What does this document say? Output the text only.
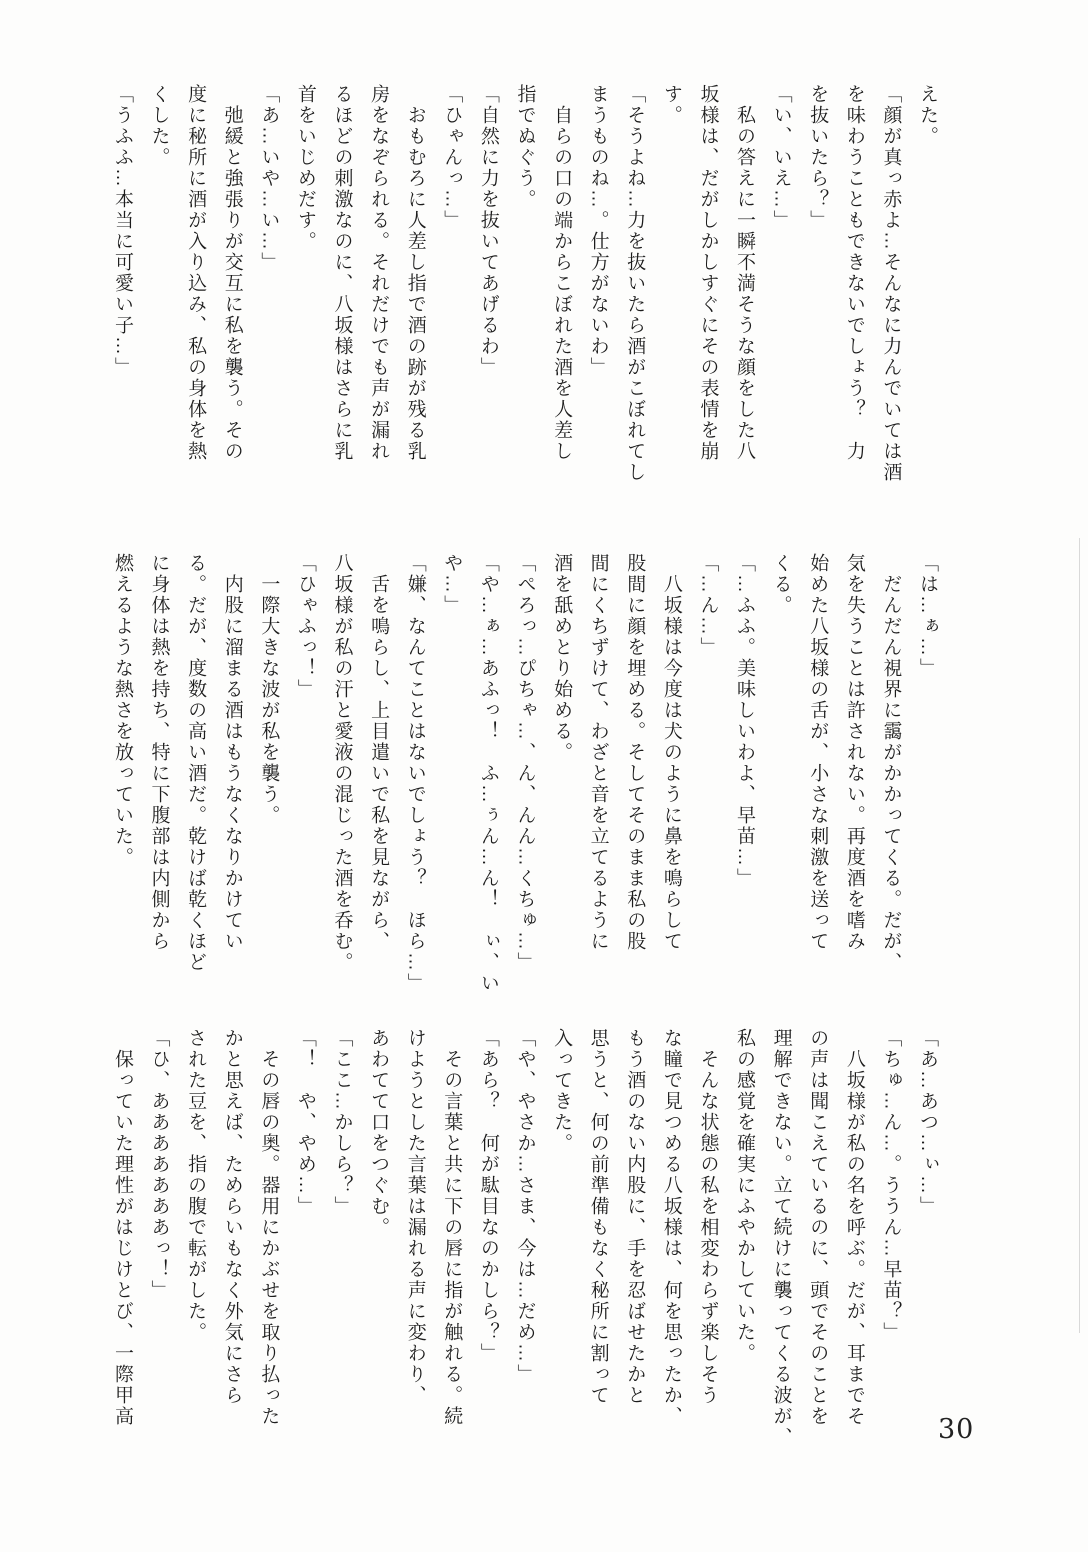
えた。

「顔が真っ赤よ…そんなに力んでいては酒

を味わうこともできないでしょう？　力

を抜いたら？」

「い、いえ…」

私の答えに一瞬不満そうな顔をした八

坂様は、だがしかしすぐにその表情を崩

す。

「そうよね…力を抜いたら酒がこぼれてし

まうものね…。仕方がないわ」

自らの口の端からこぼれた酒を人差し

指でぬぐう。

「自然に力を抜いてあげるわ」

「ひゃんっ…」

おもむろに人差し指で酒の跡が残る乳

房をなぞられる。それだけでも声が漏れ

るほどの刺激なのに、八坂様はさらに乳

首をいじめだす。

「あ…いや…い…」

弛緩と強張りが交互に私を襲う。その

度に秘所に酒が入り込み、私の身体を熱

くした。

「うふふ…本当に可愛い子…」

「は…ぁ…」

だんだん視界に靄がかかってくる。だが、

気を失うことは許されない。再度酒を嗜み

始めた八坂様の舌が、小さな刺激を送って

くる。

「…ふふ。美味しいわよ、早苗…」

「…ん…」

八坂様は今度は犬のように鼻を鳴らして

股間に顔を埋める。そしてそのまま私の股

間にくちずけて、わざと音を立てるように

酒を舐めとり始める。

「ぺろっ…ぴちゃ…、ん、んん…くちゅ…」

「や…ぁ…あふっ！　ふ…ぅん…ん！　ぃ、い

や…」

「嫌、なんてことはないでしょう？　ほら…」

舌を鳴らし、上目遣いで私を見ながら、

八坂様が私の汗と愛液の混じった酒を呑む。

「ひゃふっ！」

一際大きな波が私を襲う。

内股に溜まる酒はもうなくなりかけてい

る。だが、度数の高い酒だ。乾けば乾くほど

に身体は熱を持ち、特に下腹部は内側から

燃えるような熱さを放っていた。

「あ…あつ…ぃ…」

「ちゅ…ん…。ううん…早苗？」

八坂様が私の名を呼ぶ。だが、耳までそ

の声は聞こえているのに、頭でそのことを

理解できない。立て続けに襲ってくる波が、

私の感覚を確実にふやかしていた。

そんな状態の私を相変わらず楽しそう

な瞳で見つめる八坂様は、何を思ったか、

もう酒のない内股に、手を忍ばせたかと

思うと、何の前準備もなく秘所に割って

入ってきた。

「や、やさか…さま、今は…だめ…」

「あら？　何が駄目なのかしら？」

その言葉と共に下の唇に指が触れる。続

けようとした言葉は漏れる声に変わり、

あわてて口をつぐむ。

「ここ…かしら？」

「！　や、やめ…」

その唇の奥。器用にかぶせを取り払った

かと思えば、ためらいもなく外気にさら

された豆を、指の腹で転がした。

「ひ、あああああああっ！」

保っていた理性がはじけとび、一際甲高

30
